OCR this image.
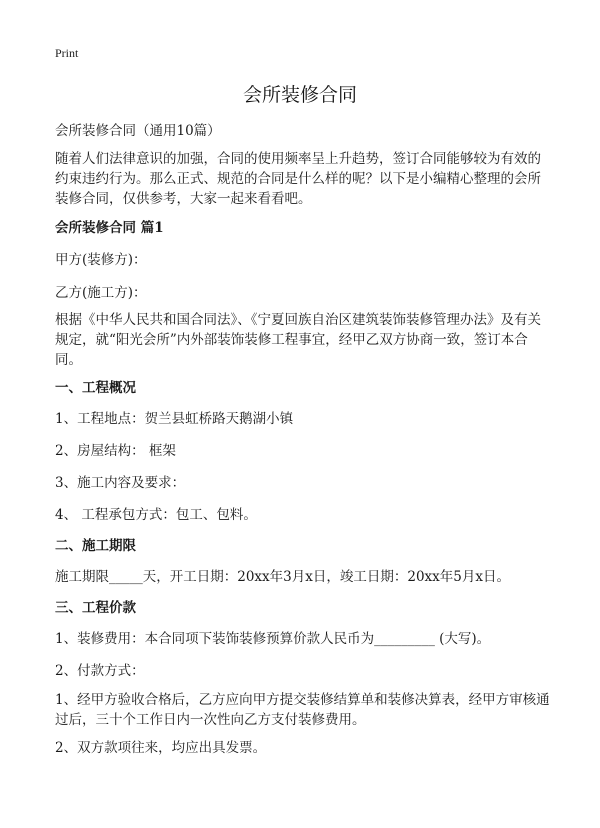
Print
会所装修合同
会所装修合同（通用10篇）
随着人们法律意识的加强，合同的使用频率呈上升趋势，签订合同能够较为有效的约束违约行为。那么正式、规范的合同是什么样的呢？以下是小编精心整理的会所装修合同，仅供参考，大家一起来看看吧。
会所装修合同 篇1
甲方(装修方)：
乙方(施工方)：
根据《中华人民共和国合同法》、《宁夏回族自治区建筑装饰装修管理办法》及有关规定，就“阳光会所”内外部装饰装修工程事宜，经甲乙双方协商一致，签订本合同。
一、工程概况
1、工程地点：贺兰县虹桥路天鹅湖小镇
2、房屋结构： 框架
3、施工内容及要求：
4、 工程承包方式：包工、包料。
二、施工期限
施工期限_____天，开工日期：20xx年3月x日，竣工日期：20xx年5月x日。
三、工程价款
1、装修费用：本合同项下装饰装修预算价款人民币为_________ (大写)。
2、付款方式：
1、经甲方验收合格后，乙方应向甲方提交装修结算单和装修决算表，经甲方审核通过后，三十个工作日内一次性向乙方支付装修费用。
2、双方款项往来，均应出具发票。
